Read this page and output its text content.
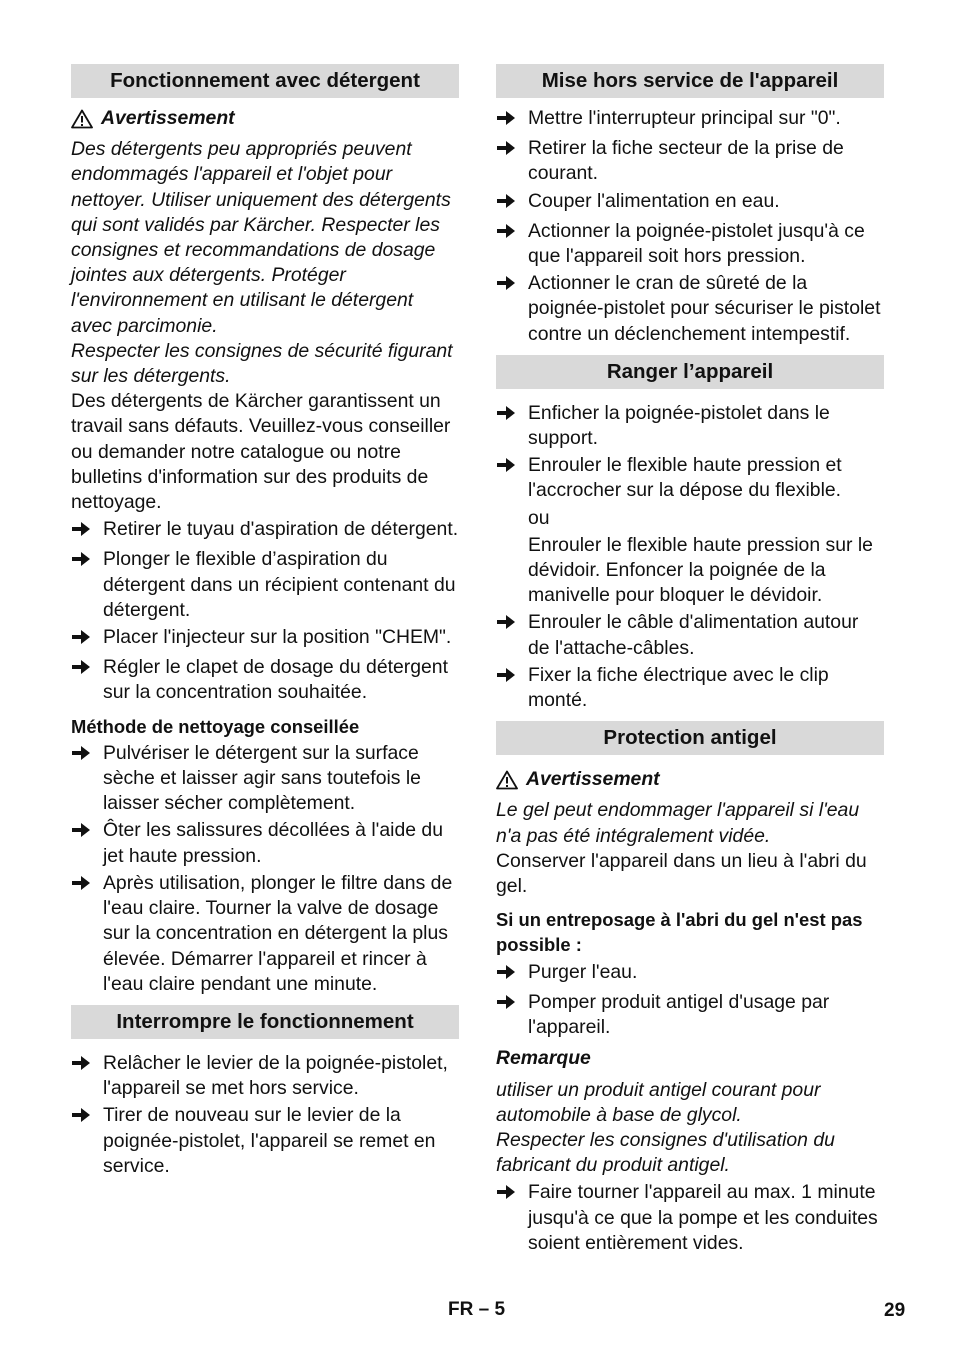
Fonctionnement avec détergent
Avertissement

Des détergents peu appropriés peuvent endommagés l'appareil et l'objet pour nettoyer. Utiliser uniquement des détergents qui sont validés par Kärcher. Respecter les consignes et recommandations de dosage jointes aux détergents. Protéger l'environnement en utilisant le détergent avec parcimonie.

Respecter les consignes de sécurité figurant sur les détergents.

Des détergents de Kärcher garantissent un travail sans défauts. Veuillez-vous conseiller ou demander notre catalogue ou notre bulletins d'information sur des produits de nettoyage.

Retirer le tuyau d'aspiration de détergent.
Plonger le flexible d’aspiration du détergent dans un récipient contenant du détergent.
Placer l'injecteur sur la position "CHEM".
Régler le clapet de dosage du détergent sur la concentration souhaitée.
Méthode de nettoyage conseillée
Pulvériser le détergent sur la surface sèche et laisser agir sans toutefois le laisser sécher complètement.
Ôter les salissures décollées à l'aide du jet haute pression.
Après utilisation, plonger le filtre dans de l'eau claire. Tourner la valve de dosage sur la concentration en détergent la plus élevée. Démarrer l'appareil et rincer à l'eau claire pendant une minute.
Interrompre le fonctionnement
Relâcher le levier de la poignée-pistolet, l'appareil se met hors service.
Tirer de nouveau sur le levier de la poignée-pistolet, l'appareil se remet en service.
Mise hors service de l'appareil
Mettre l'interrupteur principal sur "0".
Retirer la fiche secteur de la prise de courant.
Couper l'alimentation en eau.
Actionner la poignée-pistolet jusqu'à ce que l'appareil soit hors pression.
Actionner le cran de sûreté de la poignée-pistolet pour sécuriser le pistolet contre un déclenchement intempestif.
Ranger l’appareil
Enficher la poignée-pistolet dans le support.
Enrouler le flexible haute pression et l'accrocher sur la dépose du flexible.

ou

Enrouler le flexible haute pression sur le dévidoir. Enfoncer la poignée de la manivelle pour bloquer le dévidoir.

Enrouler le câble d'alimentation autour de l'attache-câbles.
Fixer la fiche électrique avec le clip monté.
Protection antigel
Avertissement

Le gel peut endommager l'appareil si l'eau n'a pas été intégralement vidée.

Conserver l'appareil dans un lieu à l'abri du gel.

Si un entreposage à l'abri du gel n'est pas possible :
Purger l'eau.
Pomper produit antigel d'usage par l'appareil.
Remarque

utiliser un produit antigel courant pour automobile à base de glycol.

Respecter les consignes d'utilisation du fabricant du produit antigel.

Faire tourner l'appareil au max. 1 minute jusqu'à ce que la pompe et les conduites soient entièrement vides.
FR – 5	29
